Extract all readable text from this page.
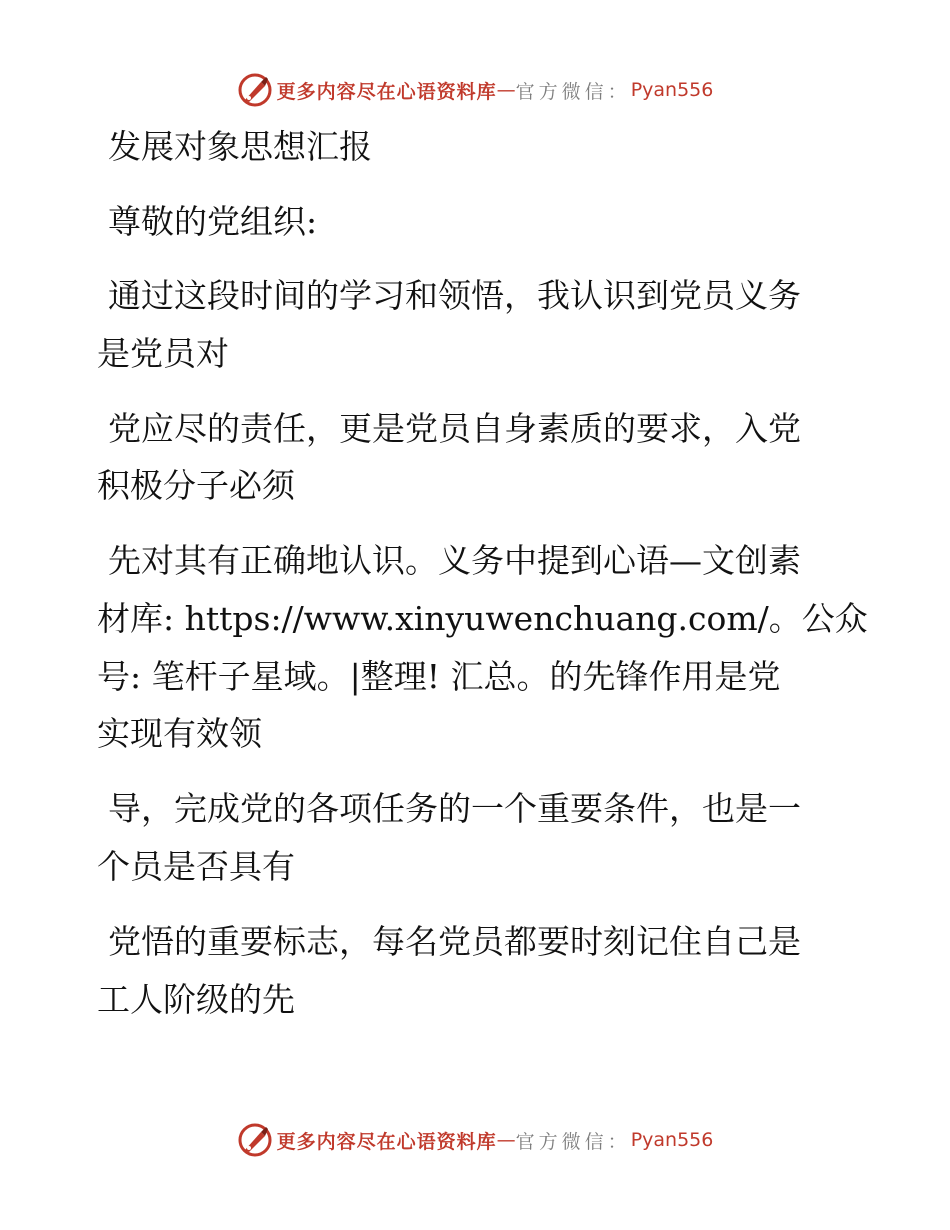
更多内容尽在心语资料库 — 官方微信： Pyan556
发展对象思想汇报
尊敬的党组织:
通过这段时间的学习和领悟，我认识到党员义务
是党员对
党应尽的责任，更是党员自身素质的要求，入党
积极分子必须
先对其有正确地认识。义务中提到心语—文创素
材库: https://www.xinyuwenchuang.com/。公众
号: 笔杆子星域。|整理! 汇总。的先锋作用是党
实现有效领
导，完成党的各项任务的一个重要条件，也是一
个员是否具有
党悟的重要标志，每名党员都要时刻记住自己是
工人阶级的先
更多内容尽在心语资料库 — 官方微信： Pyan556
